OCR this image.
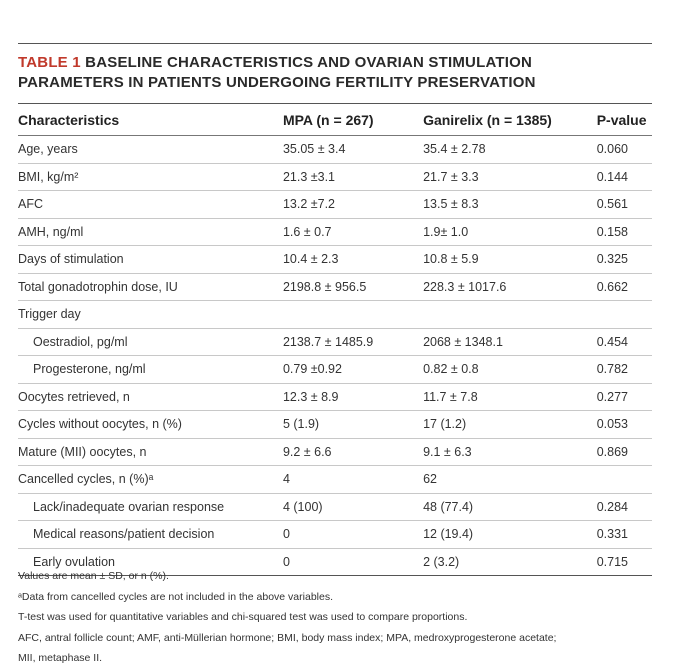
TABLE 1 BASELINE CHARACTERISTICS AND OVARIAN STIMULATION
PARAMETERS IN PATIENTS UNDERGOING FERTILITY PRESERVATION
Characteristics	MPA (n = 267)	Ganirelix (n = 1385)	P-value
Age, years	35.05 ± 3.4	35.4 ± 2.78	0.060
BMI, kg/m²	21.3 ±3.1	21.7 ± 3.3	0.144
AFC	13.2 ±7.2	13.5 ± 8.3	0.561
AMH, ng/ml	1.6 ± 0.7	1.9± 1.0	0.158
Days of stimulation	10.4 ± 2.3	10.8 ± 5.9	0.325
Total gonadotrophin dose, IU	2198.8 ± 956.5	228.3 ± 1017.6	0.662
Trigger day			
Oestradiol, pg/ml	2138.7 ± 1485.9	2068 ± 1348.1	0.454
Progesterone, ng/ml	0.79 ±0.92	0.82 ± 0.8	0.782
Oocytes retrieved, n	12.3 ± 8.9	11.7 ± 7.8	0.277
Cycles without oocytes, n (%)	5 (1.9)	17 (1.2)	0.053
Mature (MII) oocytes, n	9.2 ± 6.6	9.1 ± 6.3	0.869
Cancelled cycles, n (%)ᵃ	4	62	
Lack/inadequate ovarian response	4 (100)	48 (77.4)	0.284
Medical reasons/patient decision	0	12 (19.4)	0.331
Early ovulation	0	2 (3.2)	0.715
Values are mean ± SD, or n (%).
ᵃData from cancelled cycles are not included in the above variables.
T-test was used for quantitative variables and chi-squared test was used to compare proportions.
AFC, antral follicle count; AMF, anti-Müllerian hormone; BMI, body mass index; MPA, medroxyprogesterone acetate;
MII, metaphase II.
